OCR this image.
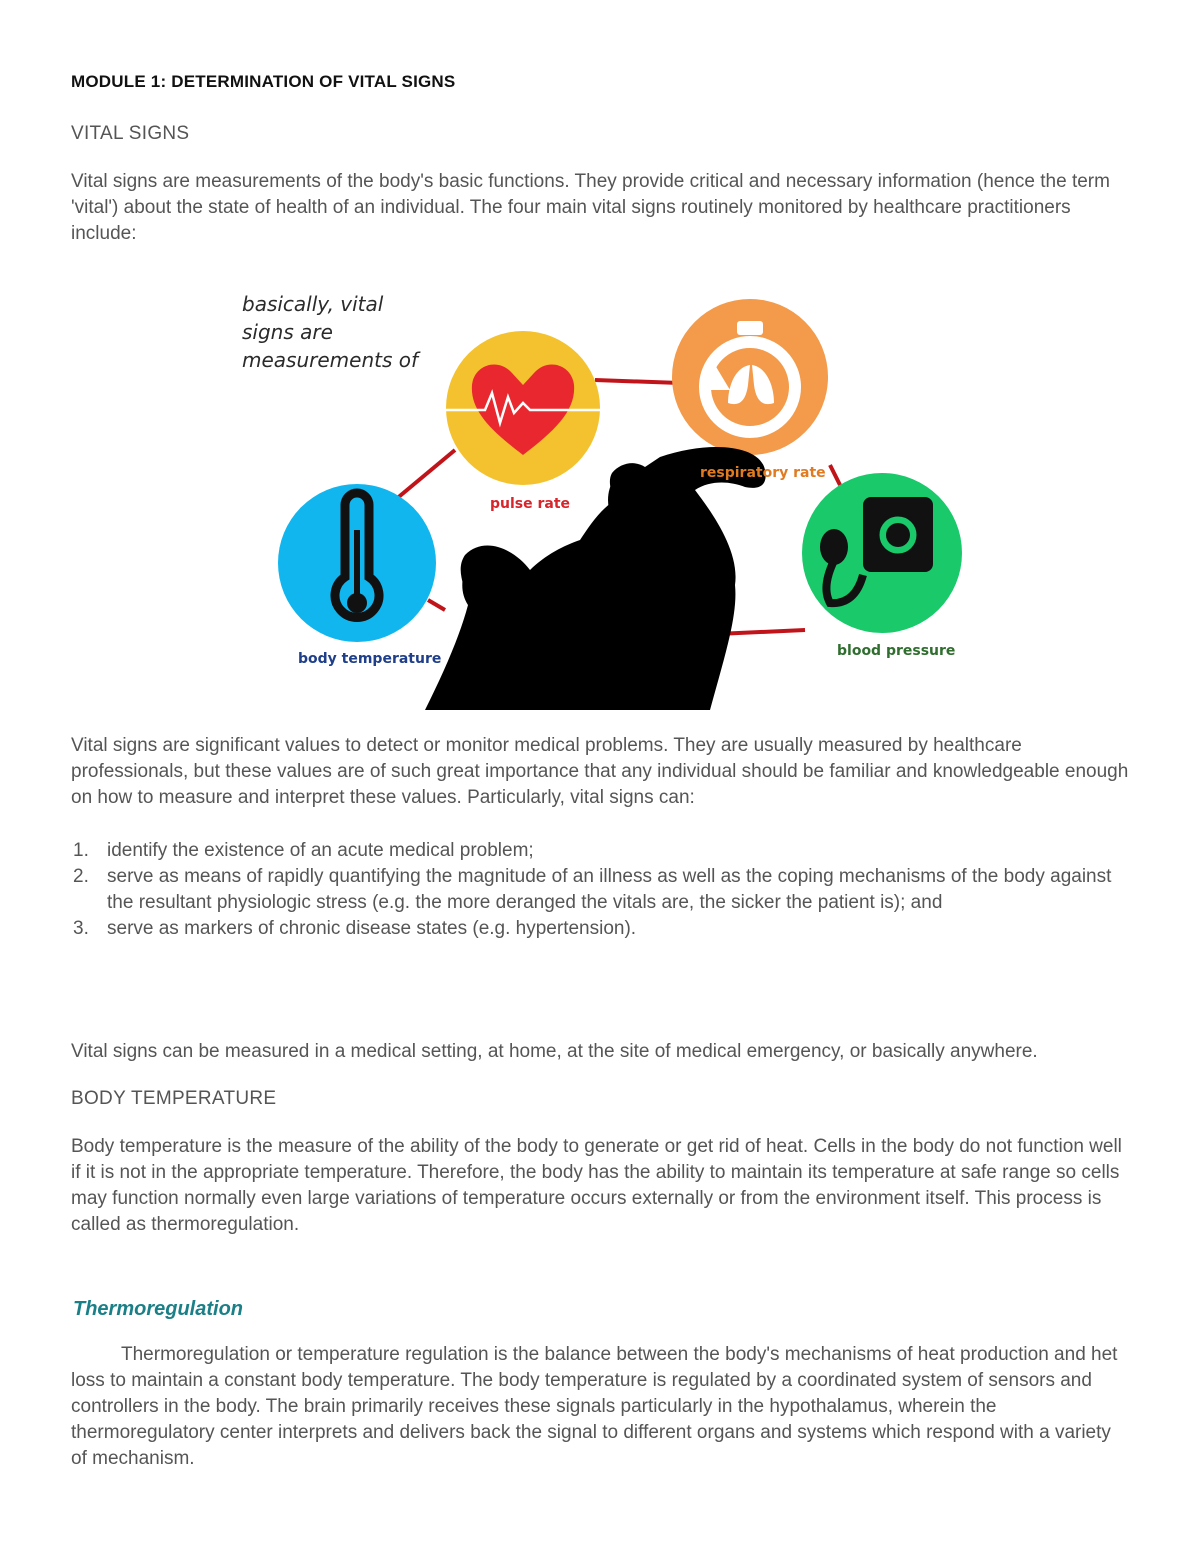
MODULE 1: DETERMINATION OF VITAL SIGNS
VITAL SIGNS

Vital signs are measurements of the body's basic functions. They provide critical and necessary information (hence the term 'vital') about the state of health of an individual. The four main vital signs routinely monitored by healthcare practitioners include:

basically, vital signs are measurements of
pulse rate
respiratory rate
body temperature	blood pressure

Vital signs are significant values to detect or monitor medical problems. They are usually measured by healthcare professionals, but these values are of such great importance that any individual should be familiar and knowledgeable enough on how to measure and interpret these values. Particularly, vital signs can:

1. identify the existence of an acute medical problem;
2. serve as means of rapidly quantifying the magnitude of an illness as well as the coping mechanisms of the body against the resultant physiologic stress (e.g. the more deranged the vitals are, the sicker the patient is); and
3. serve as markers of chronic disease states (e.g. hypertension).

Vital signs can be measured in a medical setting, at home, at the site of medical emergency, or basically anywhere.

BODY TEMPERATURE

Body temperature is the measure of the ability of the body to generate or get rid of heat. Cells in the body do not function well if it is not in the appropriate temperature. Therefore, the body has the ability to maintain its temperature at safe range so cells may function normally even large variations of temperature occurs externally or from the environment itself. This process is called as thermoregulation.

Thermoregulation

Thermoregulation or temperature regulation is the balance between the body's mechanisms of heat production and het loss to maintain a constant body temperature. The body temperature is regulated by a coordinated system of sensors and controllers in the body. The brain primarily receives these signals particularly in the hypothalamus, wherein the thermoregulatory center interprets and delivers back the signal to different organs and systems which respond with a variety of mechanism.
